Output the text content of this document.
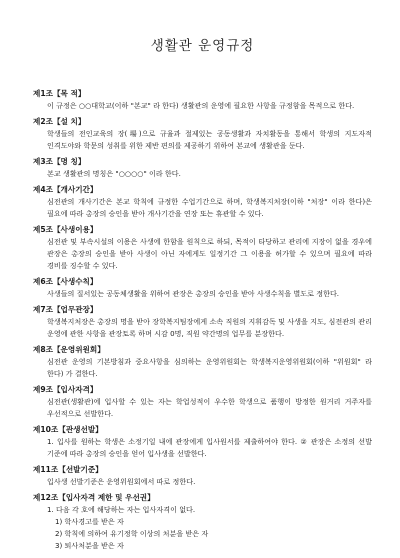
생활관 운영규정
제1조【목 적】
이 규정은 ○○대학교(이하 "본교" 라 한다) 생활관의 운영에 필요한 사항을 규정함을 목적으로 한다.
제2조【설 치】
학생들의 전인교육의 장(場)으로 규율과 절제있는 공동생활과 자치활동을 통해서 학생의 지도자적 인격도야와 학문의 성취를 위한 제반 편의를 제공하기 위하여 본교에 생활관을 둔다.
제3조【명 칭】
본교 생활관의 명칭은 "○○○○" 이라 한다.
제4조【개사기간】
심전관의 개사기간은 본교 학칙에 규정한 수업기간으로 하며, 학생복지처장(이하 "처장" 이라 한다)은 필요에 따라 총장의 승인을 받아 개사기간을 연장 또는 휴관할 수 있다.
제5조【사생이용】
심전관 및 부속시설의 이용은 사생에 한함을 원칙으로 하되, 목적이 타당하고 관리에 지장이 없을 경우에 관장은 총장의 승인을 받아 사생이 아닌 자에게도 일정기간 그 이용을 허가할 수 있으며 필요에 따라 경비를 징수할 수 있다.
제6조【사생수칙】
사생들의 질서있는 공동체생활을 위하여 관장은 총장의 승인을 받아 사생수칙을 별도로 정한다.
제7조【업무관장】
학생복지처장은 총장의 명을 받아 장학복지팀장에게 소속 직원의 지휘감독 및 사생을 지도, 심전관의 관리 운영에 관한 사항을 관장토록 하며 시감 0명, 직원 약간명의 업무를 분장한다.
제8조【운영위원회】
심전관 운영의 기본방침과 중요사항을 심의하는 운영위원회는 학생복지운영위원회(이하 "위원회" 라 한다) 가 결한다.
제9조【입사자격】
심전관(생활관)에 입사할 수 있는 자는 학업성적이 우수한 학생으로 품행이 방정한 원거리 거주자를 우선적으로 선발한다.
제10조【관생선발】
1. 입사를 원하는 학생은 소정기일 내에 관장에게 입사원서를 제출하여야 한다. ② 관장은 소정의 선발 기준에 따라 총장의 승인을 얻어 입사생을 선발한다.
제11조【선발기준】
입사생 선발기준은 운영위원회에서 따로 정한다.
제12조【입사자격 제한 및 우선권】
1. 다음 각 호에 해당하는 자는 입사자격이 없다.
1) 학사경고를 받은 자
2) 학칙에 의하여 유기정학 이상의 처분을 받은 자
3) 퇴사처분을 받은 자
